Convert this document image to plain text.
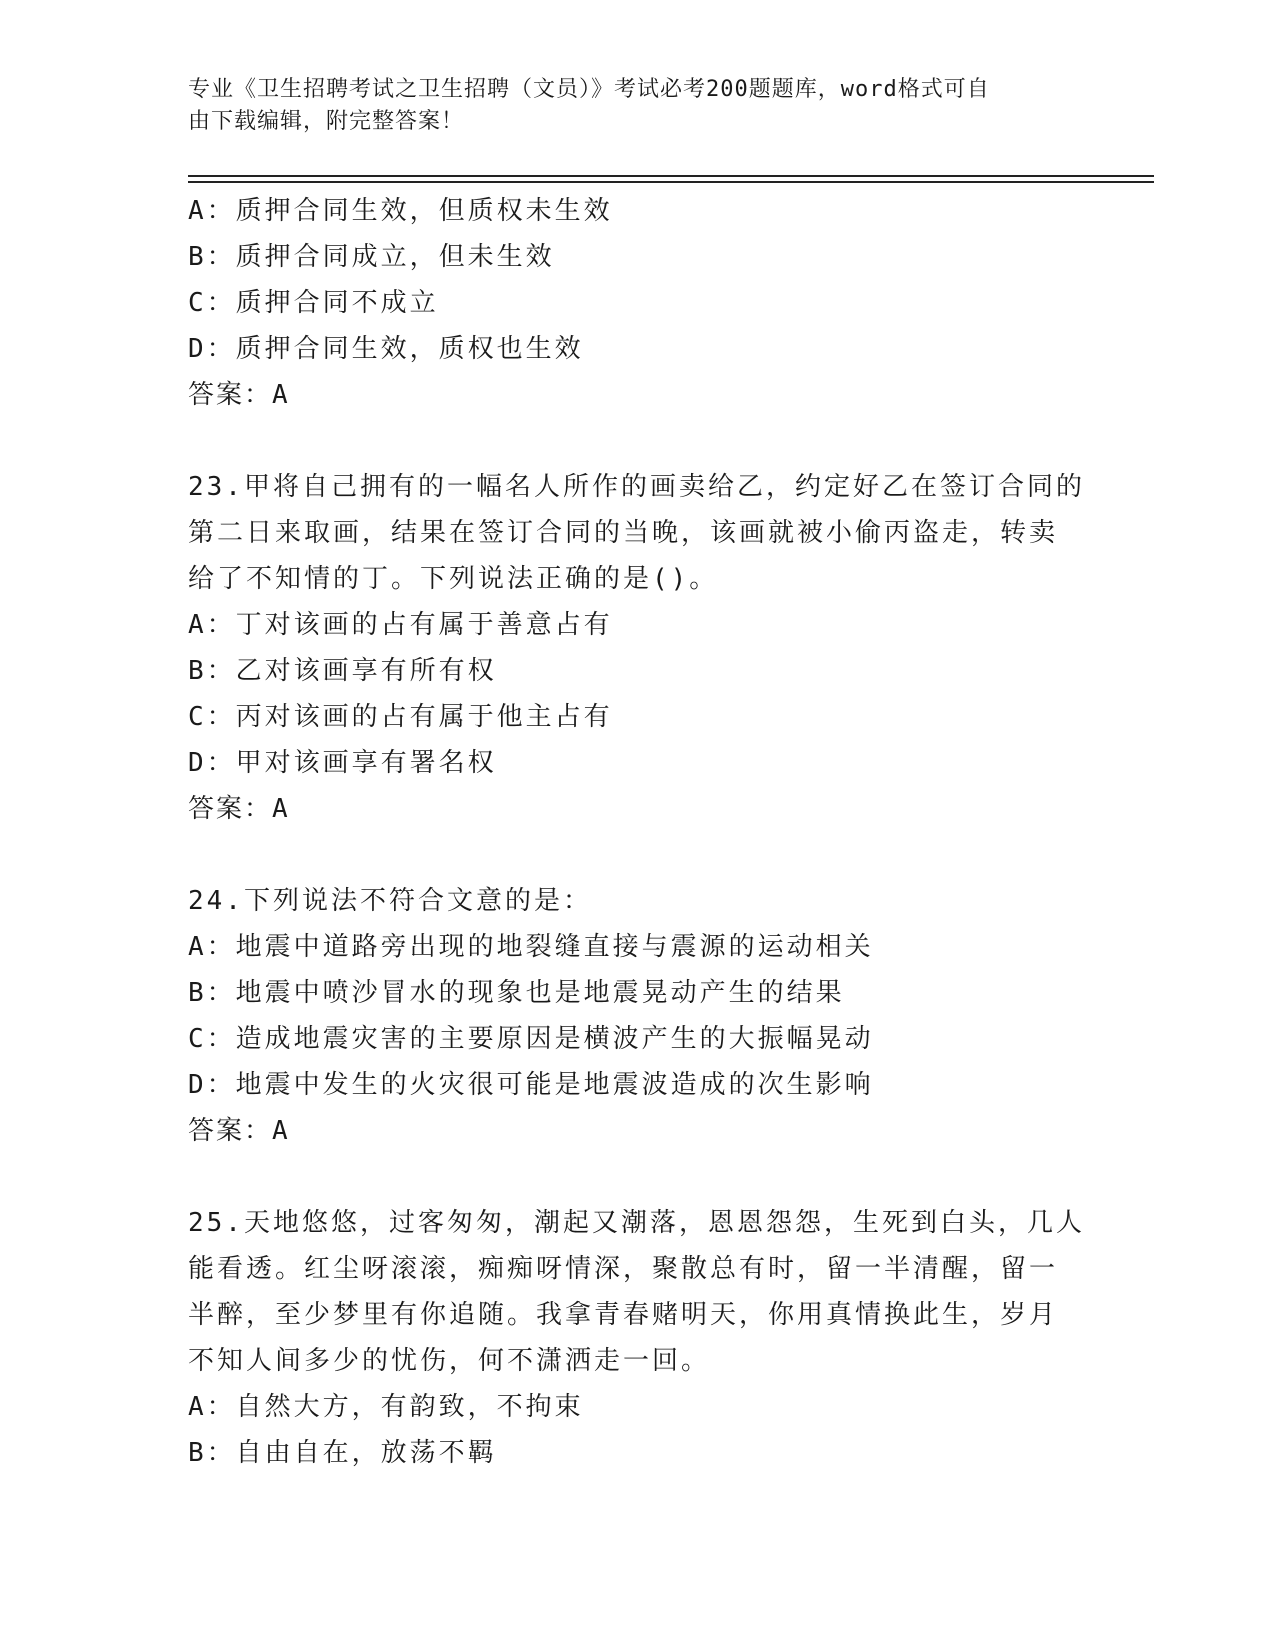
专业《卫生招聘考试之卫生招聘（文员）》考试必考200题题库，word格式可自
由下载编辑，附完整答案！
A：质押合同生效，但质权未生效
B：质押合同成立，但未生效
C：质押合同不成立
D：质押合同生效，质权也生效
答案：A
23.甲将自己拥有的一幅名人所作的画卖给乙，约定好乙在签订合同的
第二日来取画，结果在签订合同的当晚，该画就被小偷丙盗走，转卖
给了不知情的丁。下列说法正确的是()。
A：丁对该画的占有属于善意占有
B：乙对该画享有所有权
C：丙对该画的占有属于他主占有
D：甲对该画享有署名权
答案：A
24.下列说法不符合文意的是：
A：地震中道路旁出现的地裂缝直接与震源的运动相关
B：地震中喷沙冒水的现象也是地震晃动产生的结果
C：造成地震灾害的主要原因是横波产生的大振幅晃动
D：地震中发生的火灾很可能是地震波造成的次生影响
答案：A
25.天地悠悠，过客匆匆，潮起又潮落，恩恩怨怨，生死到白头，几人
能看透。红尘呀滚滚，痴痴呀情深，聚散总有时，留一半清醒，留一
半醉，至少梦里有你追随。我拿青春赌明天，你用真情换此生，岁月
不知人间多少的忧伤，何不潇洒走一回。
A：自然大方，有韵致，不拘束
B：自由自在，放荡不羁
